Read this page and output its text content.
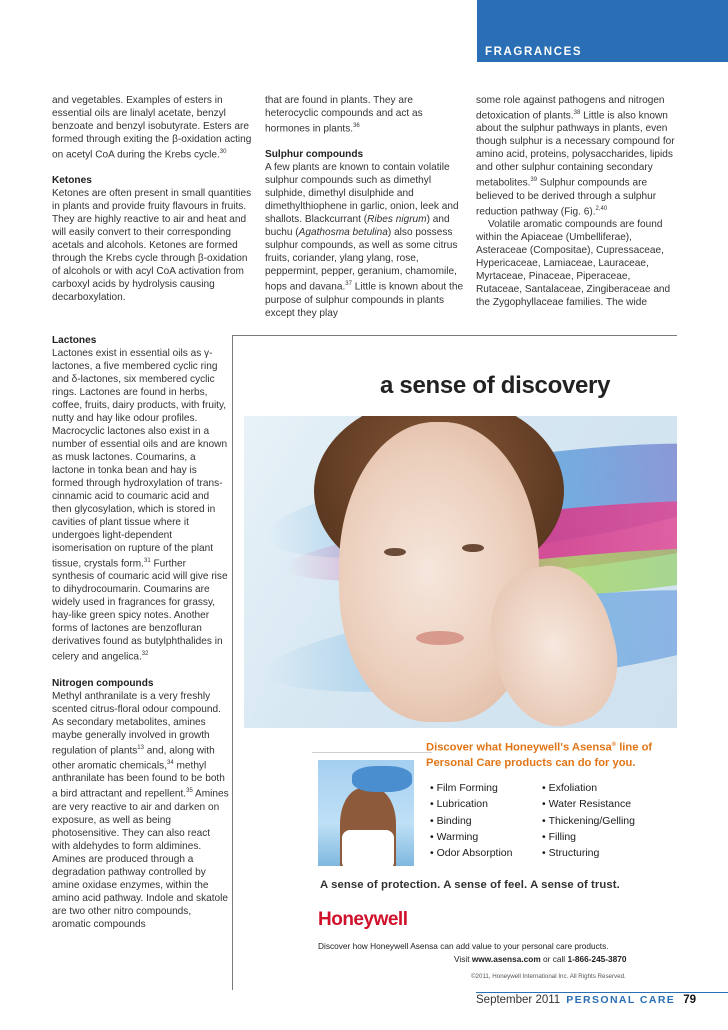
FRAGRANCES

and vegetables. Examples of esters in essential oils are linalyl acetate, benzyl benzoate and benzyl isobutyrate. Esters are formed through exiting the β-oxidation acting on acetyl CoA during the Krebs cycle.$^{30}$

Ketones

Ketones are often present in small quantities in plants and provide fruity flavours in fruits. They are highly reactive to air and heat and will easily convert to their corresponding acetals and alcohols. Ketones are formed through the Krebs cycle through β-oxidation of alcohols or with acyl CoA activation from carboxyl acids by hydrolysis causing decarboxylation.

that are found in plants. They are heterocyclic compounds and act as hormones in plants.$^{36}$

Sulphur compounds

A few plants are known to contain volatile sulphur compounds such as dimethyl sulphide, dimethyl disulphide and dimethylthiophene in garlic, onion, leek and shallots. Blackcurrant (Ribes nigrum) and buchu (Agathosma betulina) also possess sulphur compounds, as well as some citrus fruits, coriander, ylang ylang, rose, peppermint, pepper, geranium, chamomile, hops and davana.$^{37}$ Little is known about the purpose of sulphur compounds in plants except they play

some role against pathogens and nitrogen detoxication of plants.$^{38}$ Little is also known about the sulphur pathways in plants, even though sulphur is a necessary compound for amino acid, proteins, polysaccharides, lipids and other sulphur containing secondary metabolites.$^{39}$ Sulphur compounds are believed to be derived through a sulphur reduction pathway (Fig. 6).$^{2,40}$

Volatile aromatic compounds are found within the Apiaceae (Umbelliferae), Asteraceae (Compositae), Cupressaceae, Hypericaceae, Lamiaceae, Lauraceae, Myrtaceae, Pinaceae, Piperaceae, Rutaceae, Santalaceae, Zingiberaceae and the Zygophyllaceae families. The wide

Lactones

Lactones exist in essential oils as γ-lactones, a five membered cyclic ring and δ-lactones, six membered cyclic rings. Lactones are found in herbs, coffee, fruits, dairy products, with fruity, nutty and hay like odour profiles. Macrocyclic lactones also exist in a number of essential oils and are known as musk lactones. Coumarins, a lactone in tonka bean and hay is formed through hydroxylation of trans-cinnamic acid to coumaric acid and then glycosylation, which is stored in cavities of plant tissue where it undergoes light-dependent isomerisation on rupture of the plant tissue, crystals form.$^{31}$ Further synthesis of coumaric acid will give rise to dihydrocoumarin. Coumarins are widely used in fragrances for grassy, hay-like green spicy notes. Another forms of lactones are benzofluran derivatives found as butylphthalides in celery and angelica.$^{32}$

Nitrogen compounds

Methyl anthranilate is a very freshly scented citrus-floral odour compound. As secondary metabolites, amines maybe generally involved in growth regulation of plants$^{13}$ and, along with other aromatic chemicals,$^{34}$ methyl anthranilate has been found to be both a bird attractant and repellent.$^{35}$ Amines are very reactive to air and darken on exposure, as well as being photosensitive. They can also react with aldehydes to form aldimines. Amines are produced through a degradation pathway controlled by amine oxidase enzymes, within the amino acid pathway. Indole and skatole are two other nitro compounds, aromatic compounds

a sense of discovery
Discover what Honeywell's Asensa® line of Personal Care products can do for you.
• Film Forming
• Lubrication
• Binding
• Warming
• Odor Absorption
• Exfoliation
• Water Resistance
• Thickening/Gelling
• Filling
• Structuring
A sense of protection. A sense of feel. A sense of trust.
Honeywell
Discover how Honeywell Asensa can add value to your personal care products.
Visit www.asensa.com or call 1-866-245-3870
©2011, Honeywell International Inc. All Rights Reserved.
September 2011 PERSONAL CARE 79
